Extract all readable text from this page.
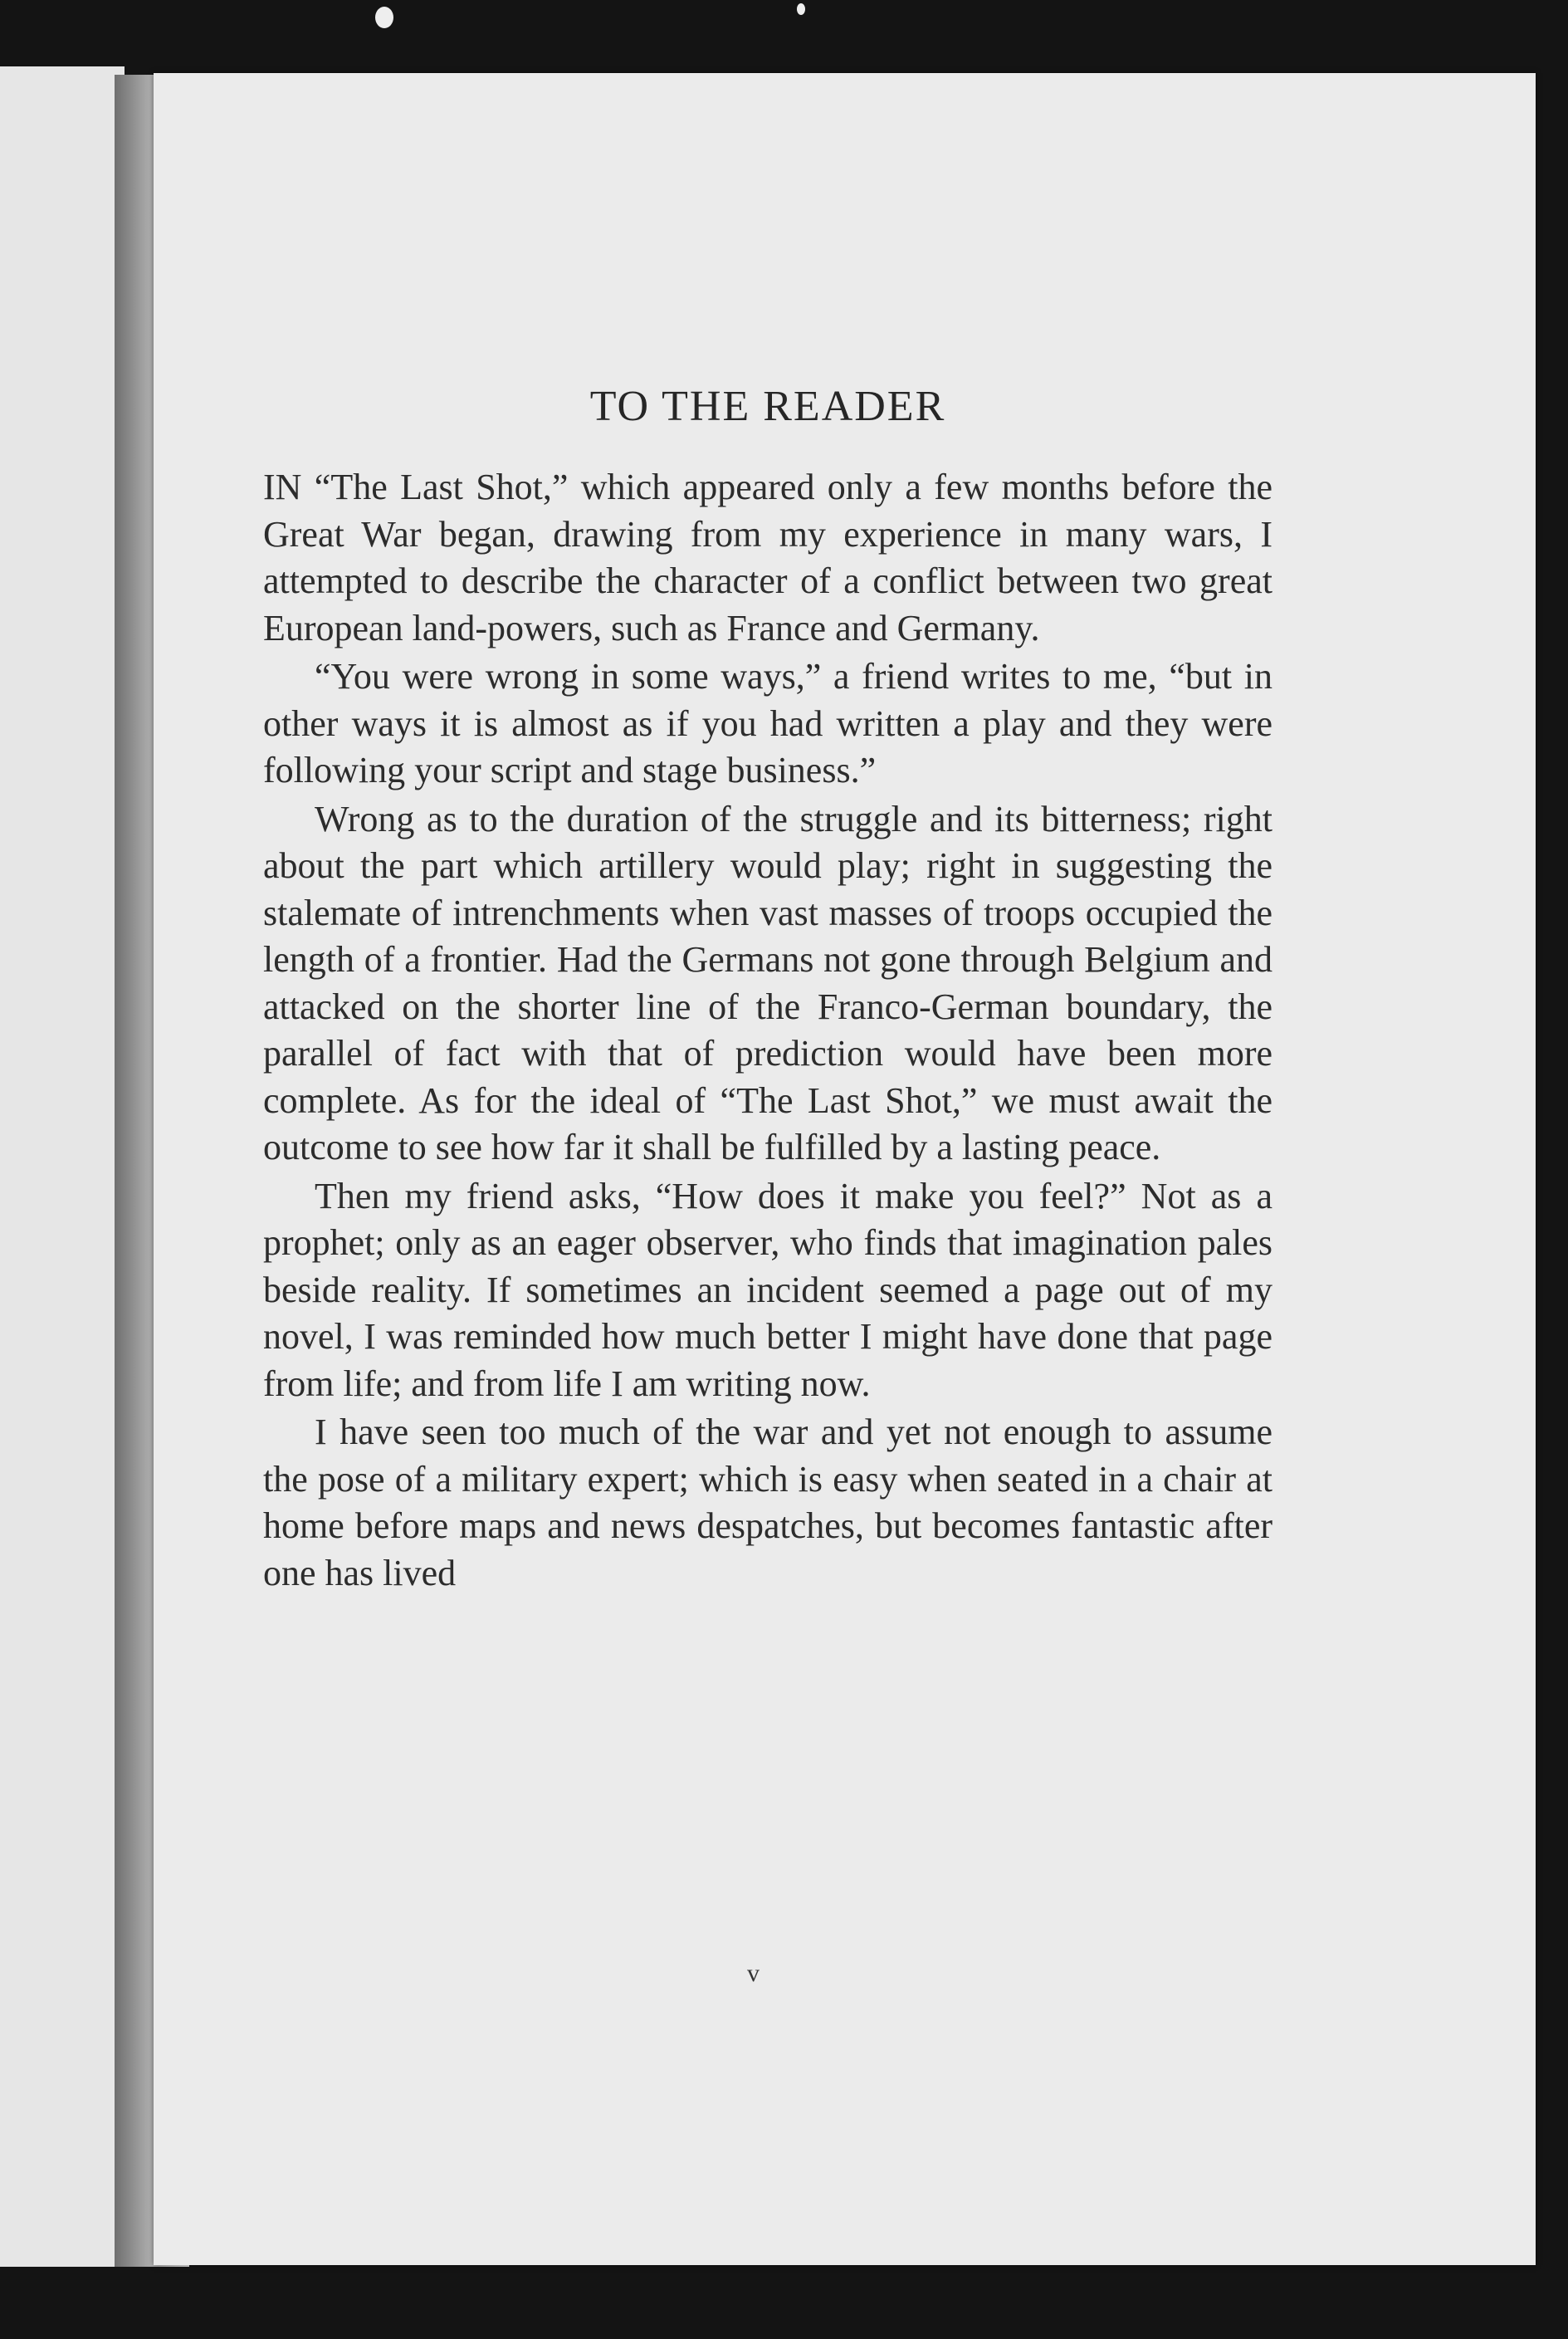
TO THE READER

IN “The Last Shot,” which appeared only a few months before the Great War began, drawing from my experience in many wars, I attempted to describe the character of a conflict between two great European land-powers, such as France and Germany.

“You were wrong in some ways,” a friend writes to me, “but in other ways it is almost as if you had written a play and they were following your script and stage business.”

Wrong as to the duration of the struggle and its bitterness; right about the part which artillery would play; right in suggesting the stalemate of intrenchments when vast masses of troops occupied the length of a frontier. Had the Germans not gone through Belgium and attacked on the shorter line of the Franco-German boundary, the parallel of fact with that of prediction would have been more complete. As for the ideal of “The Last Shot,” we must await the outcome to see how far it shall be fulfilled by a lasting peace.

Then my friend asks, “How does it make you feel?” Not as a prophet; only as an eager observer, who finds that imagination pales beside reality. If sometimes an incident seemed a page out of my novel, I was reminded how much better I might have done that page from life; and from life I am writing now.

I have seen too much of the war and yet not enough to assume the pose of a military expert; which is easy when seated in a chair at home before maps and news despatches, but becomes fantastic after one has lived

v
